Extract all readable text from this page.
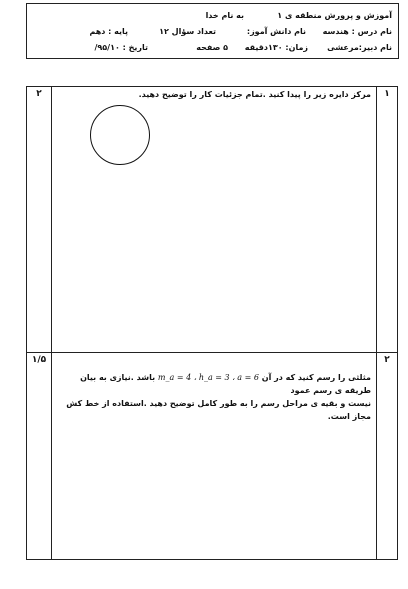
آموزش و پرورش منطقه ی ۱
به نام خدا
نام درس : هندسه
نام دانش آموز:
تعداد سؤال ۱۲
پایه : دهم
نام دبیر:مرعشی
زمان: ۱۳۰دقیقه
۵ صفحه
تاریخ : ۹۵/۱۰/
۱
۲	مرکز دایره زیر را پیدا کنید .تمام جزئیات کار را توضیح دهید.
۲
۱/۵
مثلثی را رسم کنید که در آن m_a = 4 ، h_a = 3 ، a = 6 باشد .نیازی به بیان طریقه ی رسم عمود
نیست و بقیه ی مراحل رسم را به طور کامل توضیح دهید .استفاده از خط کش مجاز است.
